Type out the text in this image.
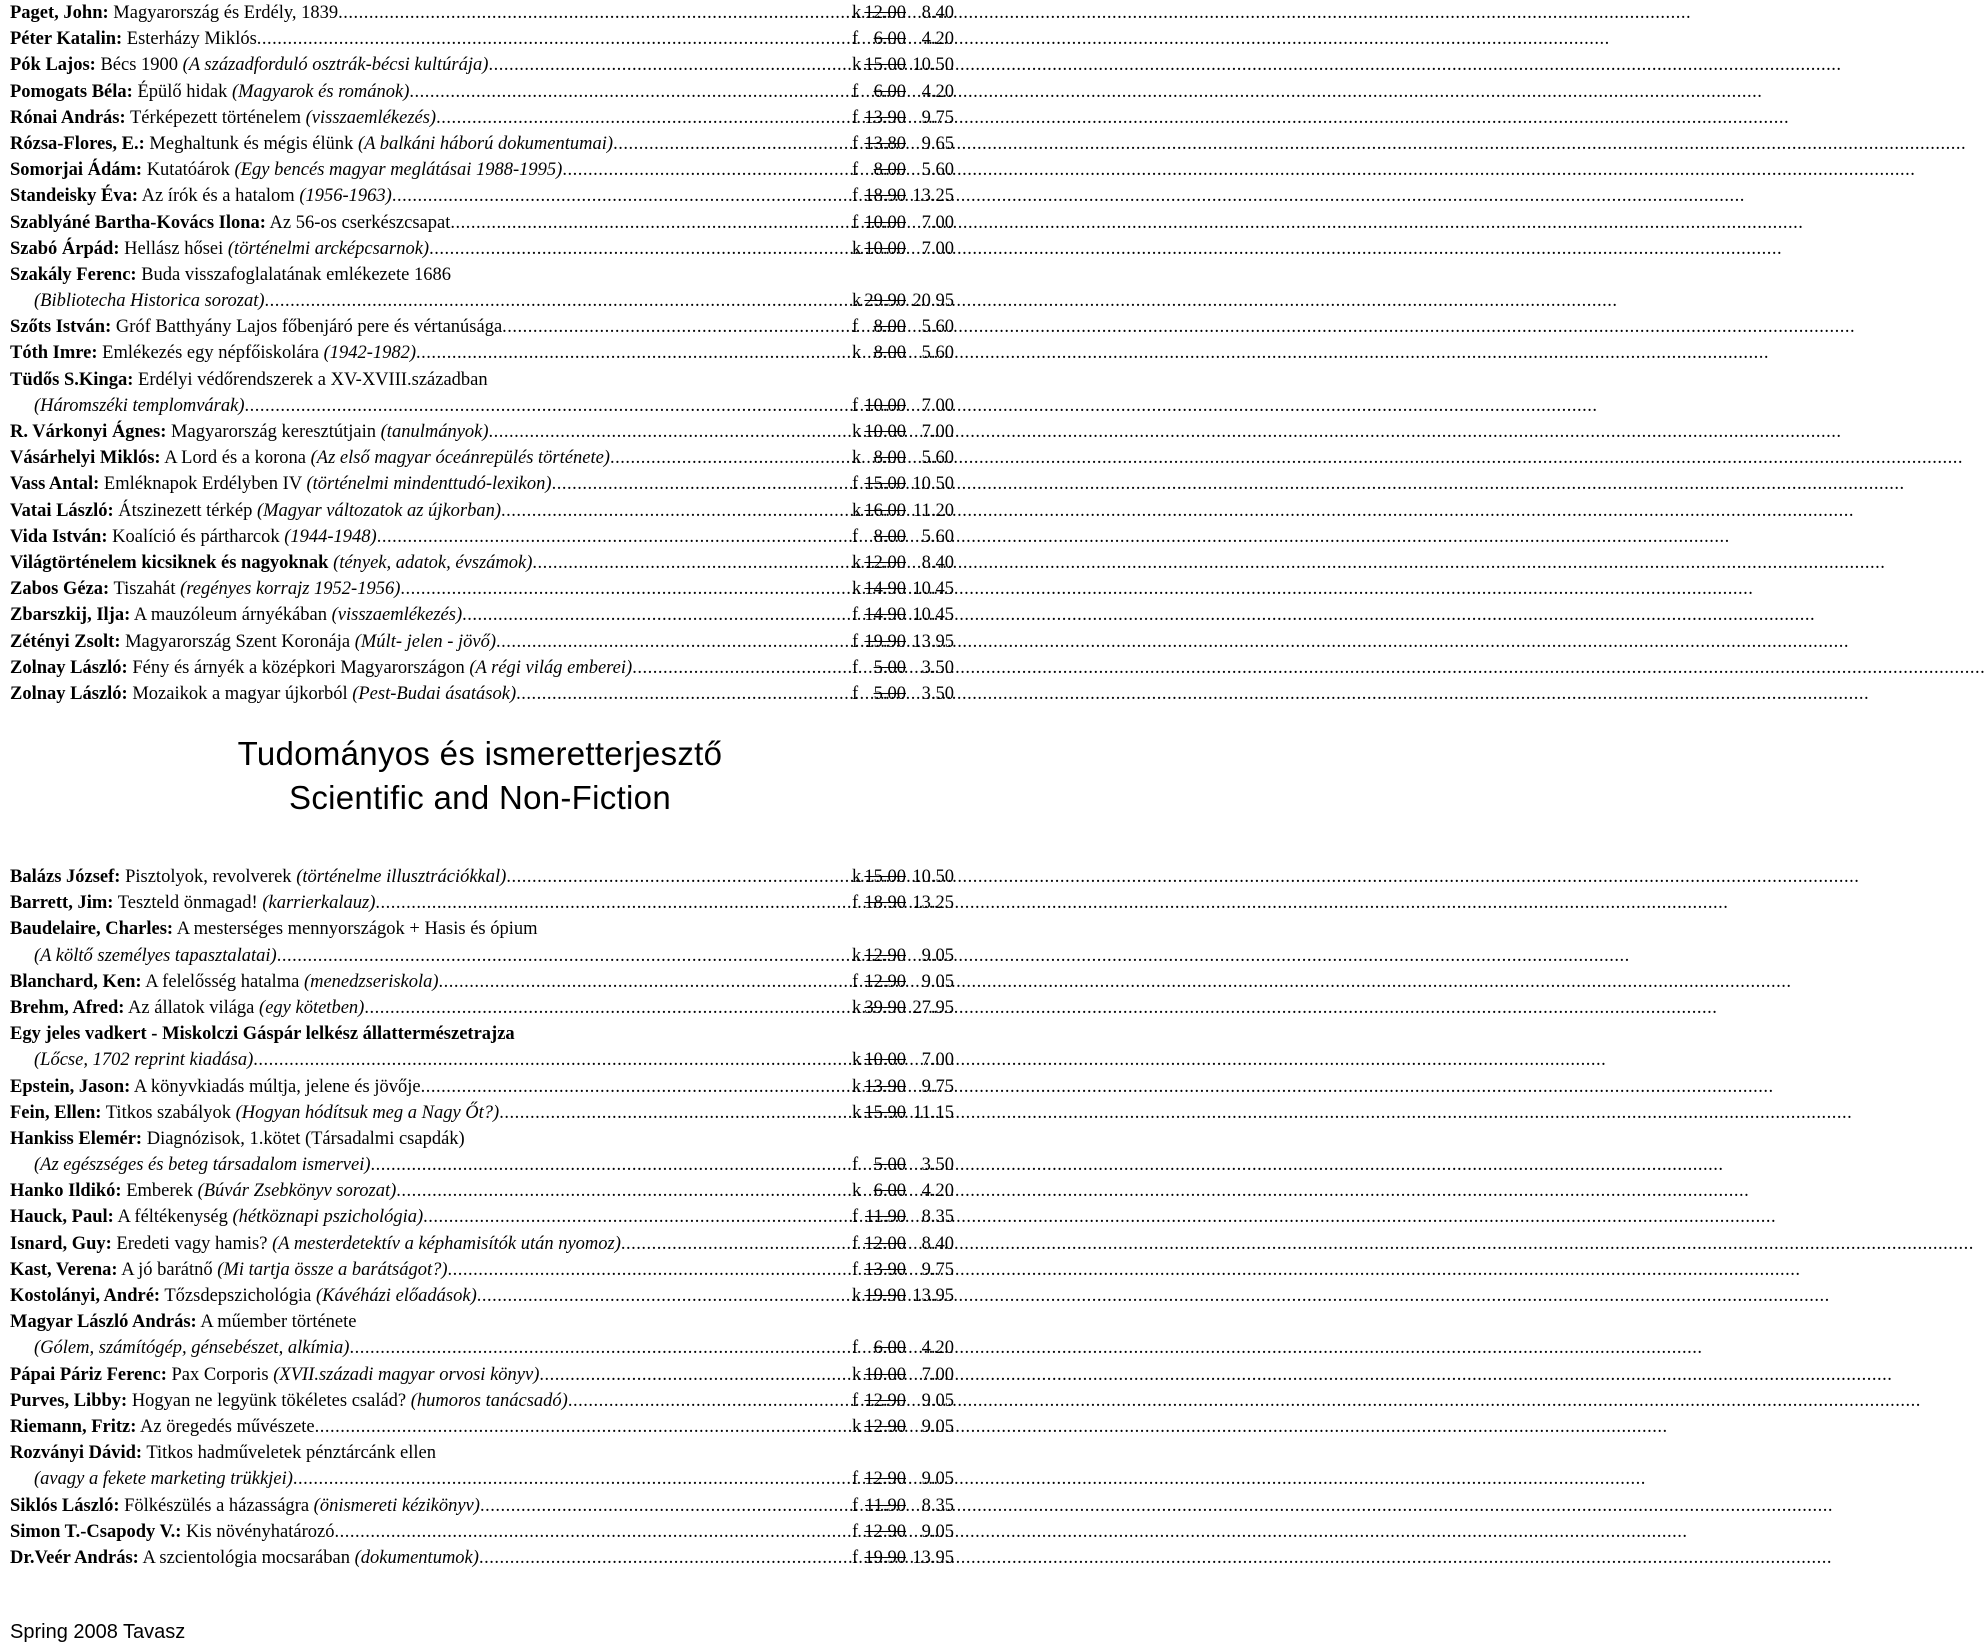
Paget, John: Magyarország és Erdély, 1839 .....	k 12.00 8.40
Péter Katalin: Esterházy Miklós .....	f 6.00 4.20
Pók Lajos: Bécs 1900 (A századforduló osztrák-bécsi kultúrája) .....	k 15.00 10.50
Pomogats Béla: Épülő hidak (Magyarok és románok) .....	f 6.00 4.20
Rónai András: Térképezett történelem (visszaemlékezés) .....	f 13.90 9.75
Rózsa-Flores, E.: Meghaltunk és mégis élünk (A balkáni háború dokumentumai) .....	f 13.80 9.65
Somorjai Ádám: Kutatóárok (Egy bencés magyar meglátásai 1988-1995) .....	f 8.00 5.60
Standeisky Éva: Az írók és a hatalom (1956-1963) .....	f 18.90 13.25
Szablyáné Bartha-Kovács Ilona: Az 56-os cserkészcsapat .....	f 10.00 7.00
Szabó Árpád: Hellász hősei (történelmi arcképcsarnok) .....	k 10.00 7.00
Szakály Ferenc: Buda visszafoglalatának emlékezete 1686
(Bibliotecha Historica sorozat) .....	k 29.90 20.95
Szőts István: Gróf Batthyány Lajos főbenjáró pere és vértanúsága .....	f 8.00 5.60
Tóth Imre: Emlékezés egy népfőiskolára (1942-1982) .....	k 8.00 5.60
Tüdős S.Kinga: Erdélyi védőrendszerek a XV-XVIII.században
(Háromszéki templomvárak) .....	f 10.00 7.00
R. Várkonyi Ágnes: Magyarország keresztútjain (tanulmányok) .....	k 10.00 7.00
Vásárhelyi Miklós: A Lord és a korona (Az első magyar óceánrepülés története) .....	k 8.00 5.60
Vass Antal: Emléknapok Erdélyben IV (történelmi mindenttudó-lexikon) .....	f 15.00 10.50
Vatai László: Átszinezett térkép (Magyar változatok az újkorban) .....	k 16.00 11.20
Vida István: Koalíció és pártharcok (1944-1948) .....	f 8.00 5.60
Világtörténelem kicsiknek és nagyoknak (tények, adatok, évszámok) .....	k 12.00 8.40
Zabos Géza: Tiszahát (regényes korrajz 1952-1956) .....	k 14.90 10.45
Zbarszkij, Ilja: A mauzóleum árnyékában (visszaemlékezés) .....	f 14.90 10.45
Zétényi Zsolt: Magyarország Szent Koronája (Múlt- jelen - jövő) .....	f 19.90 13.95
Zolnay László: Fény és árnyék a középkori Magyarországon (A régi világ emberei) .....	f 5.00 3.50
Zolnay László: Mozaikok a magyar újkorból (Pest-Budai ásatások) .....	f 5.00 3.50
Tudományos és ismeretterjesztő
Scientific and Non-Fiction
Balázs József: Pisztolyok, revolverek (történelme illusztrációkkal) .....	k 15.00 10.50
Barrett, Jim: Teszteld önmagad! (karrierkalauz) .....	f 18.90 13.25
Baudelaire, Charles: A mesterséges mennyországok + Hasis és ópium
(A költő személyes tapasztalatai) .....	k 12.90 9.05
Blanchard, Ken: A felelősség hatalma (menedzseriskola) .....	f 12.90 9.05
Brehm, Afred: Az állatok világa (egy kötetben) .....	k 39.90 27.95
Egy jeles vadkert - Miskolczi Gáspár lelkész állattermészetrajza
(Lőcse, 1702 reprint kiadása) .....	k 10.00 7.00
Epstein, Jason: A könyvkiadás múltja, jelene és jövője .....	k 13.90 9.75
Fein, Ellen: Titkos szabályok (Hogyan hódítsuk meg a Nagy Őt?) .....	k 15.90 11.15
Hankiss Elemér: Diagnózisok, 1.kötet (Társadalmi csapdák)
(Az egészséges és beteg társadalom ismervei) .....	f 5.00 3.50
Hanko Ildikó: Emberek (Búvár Zsebkönyv sorozat) .....	k 6.00 4.20
Hauck, Paul: A féltékenység (hétköznapi pszichológia) .....	f 11.90 8.35
Isnard, Guy: Eredeti vagy hamis? (A mesterdetektív a képhamisítók után nyomoz) .....	f 12.00 8.40
Kast, Verena: A jó barátnő (Mi tartja össze a barátságot?) .....	f 13.90 9.75
Kostolányi, André: Tőzsdepszichológia (Kávéházi előadások) .....	k 19.90 13.95
Magyar László András: A műember története
(Gólem, számítógép, génsebészet, alkímia) .....	f 6.00 4.20
Pápai Páriz Ferenc: Pax Corporis (XVII.századi magyar orvosi könyv) .....	k 10.00 7.00
Purves, Libby: Hogyan ne legyünk tökéletes család? (humoros tanácsadó) .....	f 12.90 9.05
Riemann, Fritz: Az öregedés művészete .....	k 12.90 9.05
Rozványi Dávid: Titkos hadműveletek pénztárcánk ellen
(avagy a fekete marketing trükkjei) .....	f 12.90 9.05
Siklós László: Fölkészülés a házasságra (önismereti kézikönyv) .....	f 11.90 8.35
Simon T.-Csapody V.: Kis növényhatározó .....	f 12.90 9.05
Dr.Veér András: A szcientológia mocsarában (dokumentumok) .....	f 19.90 13.95
Spring 2008 Tavasz
